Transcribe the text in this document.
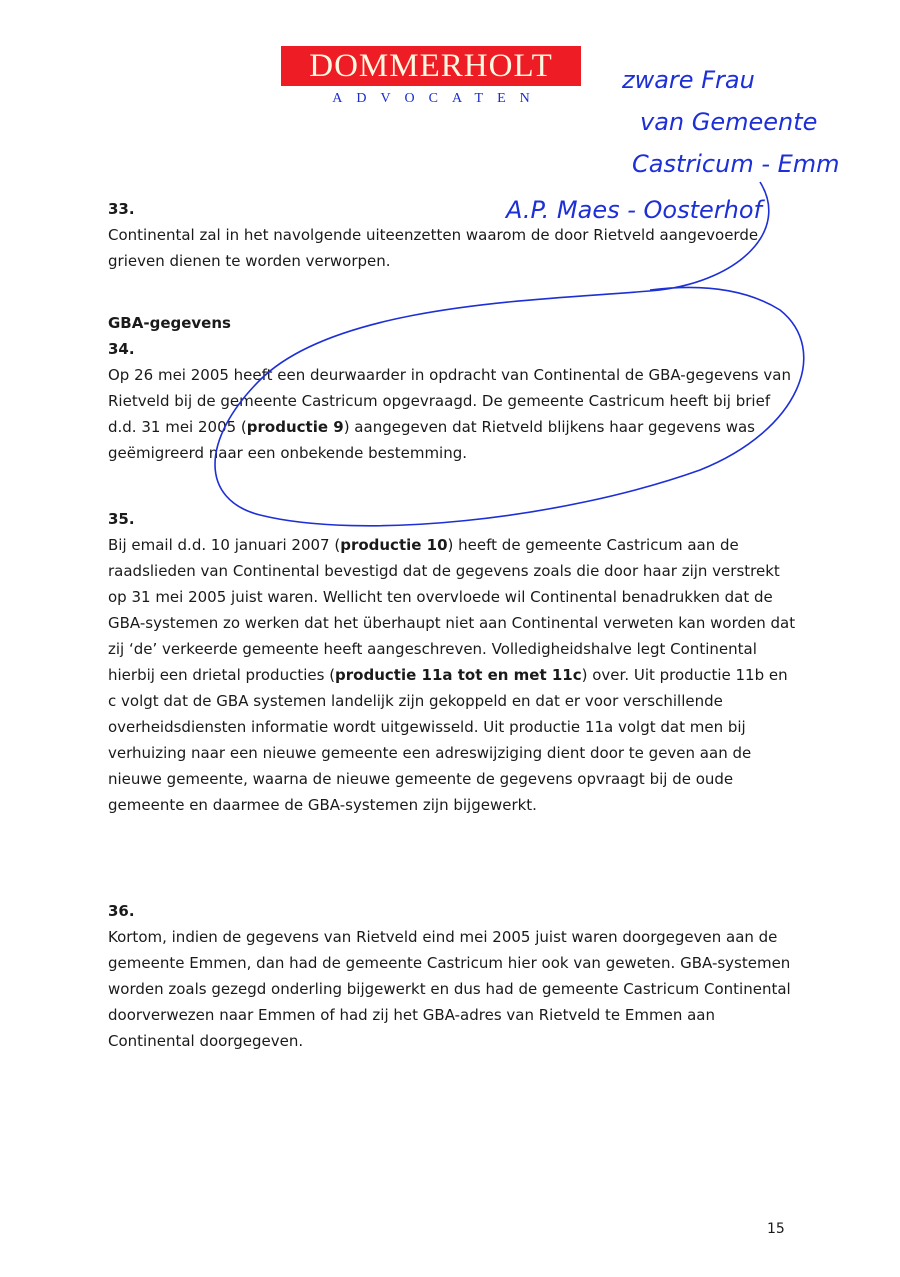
DOMMERHOLT
ADVOCATEN
33.
Continental zal in het navolgende uiteenzetten waarom de door Rietveld aangevoerde grieven dienen te worden verworpen.
GBA-gegevens
34.
Op 26 mei 2005 heeft een deurwaarder in opdracht van Continental de GBA-gegevens van Rietveld bij de gemeente Castricum opgevraagd. De gemeente Castricum heeft bij brief d.d. 31 mei 2005 (productie 9) aangegeven dat Rietveld blijkens haar gegevens was geëmigreerd naar een onbekende bestemming.
35.
Bij email d.d. 10 januari 2007 (productie 10) heeft de gemeente Castricum aan de raadslieden van Continental bevestigd dat de gegevens zoals die door haar zijn verstrekt op 31 mei 2005 juist waren. Wellicht ten overvloede wil Continental benadrukken dat de GBA-systemen zo werken dat het überhaupt niet aan Continental verweten kan worden dat zij ‘de’ verkeerde gemeente heeft aangeschreven. Volledigheidshalve legt Continental hierbij een drietal producties (productie 11a tot en met 11c) over. Uit productie 11b en c volgt dat de GBA systemen landelijk zijn gekoppeld en dat er voor verschillende overheidsdiensten informatie wordt uitgewisseld. Uit productie 11a volgt dat men bij verhuizing naar een nieuwe gemeente een adreswijziging dient door te geven aan de nieuwe gemeente, waarna de nieuwe gemeente de gegevens opvraagt bij de oude gemeente en daarmee de GBA-systemen zijn bijgewerkt.
36.
Kortom, indien de gegevens van Rietveld eind mei 2005 juist waren doorgegeven aan de gemeente Emmen, dan had de gemeente Castricum hier ook van geweten. GBA-systemen worden zoals gezegd onderling bijgewerkt en dus had de gemeente Castricum Continental doorverwezen naar Emmen of had zij het GBA-adres van Rietveld te Emmen aan Continental doorgegeven.
15
zware Frau
van Gemeente
Castricum - Emm
A.P. Maes - Oosterhof
